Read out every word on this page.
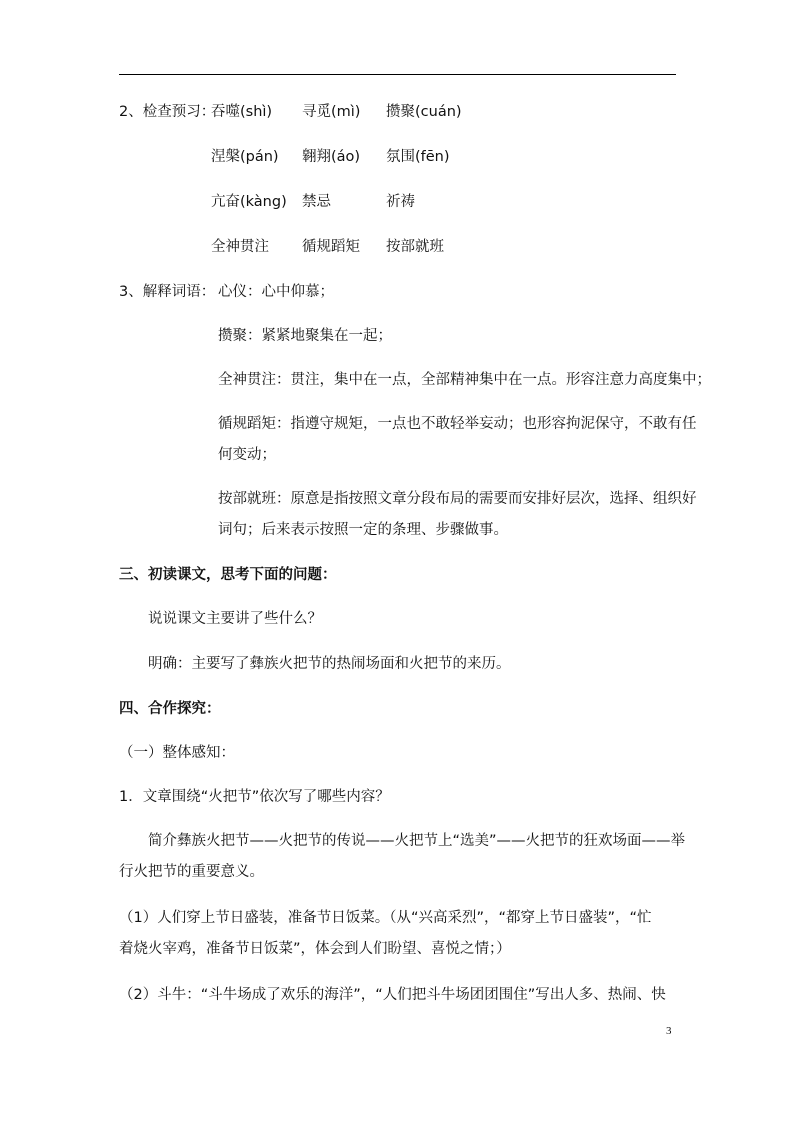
2、检查预习：
吞噬(shì) 寻觅(mì) 攒聚(cuán)
涅槃(pán) 翱翔(áo) 氛围(fēn)
亢奋(kàng) 禁忌	祈祷
全神贯注 循规蹈矩 按部就班
3、解释词语： 心仪：心中仰慕；
攒聚：紧紧地聚集在一起；
全神贯注：贯注，集中在一点，全部精神集中在一点。形容注意力高度集中；
循规蹈矩：指遵守规矩，一点也不敢轻举妄动；也形容拘泥保守，不敢有任
何变动；
按部就班：原意是指按照文章分段布局的需要而安排好层次，选择、组织好
词句；后来表示按照一定的条理、步骤做事。
三、初读课文，思考下面的问题：
说说课文主要讲了些什么？
明确：主要写了彝族火把节的热闹场面和火把节的来历。
四、合作探究：
（一）整体感知：
1．文章围绕“火把节”依次写了哪些内容？
简介彝族火把节——火把节的传说——火把节上“选美”——火把节的狂欢场面——举
行火把节的重要意义。
（1）人们穿上节日盛装，准备节日饭菜。（从“兴高采烈”，“都穿上节日盛装”，“忙
着烧火宰鸡，准备节日饭菜”，体会到人们盼望、喜悦之情；）
（2）斗牛：“斗牛场成了欢乐的海洋”，“人们把斗牛场团团围住”写出人多、热闹、快
3
